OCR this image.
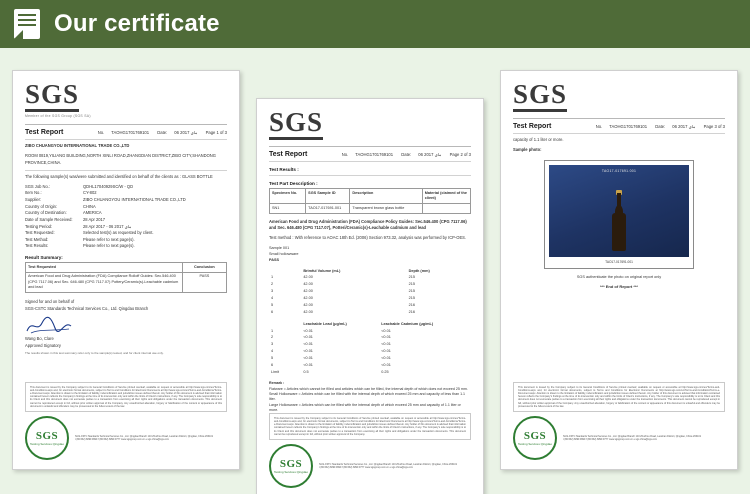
Our certificate
SGS
Member of the SGS Group (SGS SA)
Test Report	No. TAOHG1701769101 Date: 06 ماي 2017 Page 1 of 3
ZIBO CHUANGYOU INTERNATIONAL TRADE CO.,LTD
ROOM 0819,YILIANG BUILDING,NORTH XINLI ROAD,ZHANGDIAN DISTRICT,ZIBO CITY,SHANDONG PROVINCE,CHINA.
The following sample(s) was/were submitted and identified on behalf of the clients as : GLASS BOTTLE
SGS Job No.:	QDHL17040929SC/W - QD
Item No.:	CY-802
Supplier:	ZIBO CHUANGYOU INTERNATIONAL TRADE CO.,LTD
Country of Origin:	CHINA
Country of Destination:	AMERICA
Date of Sample Received:	28 Apr 2017
Testing Period:	28 Apr 2017 - 06 ماي 2017
Test Requested:	Selected test(s) as requested by client.
Test Method:	Please refer to next page(s).
Test Results:	Please refer to next page(s).
Result Summary:
Test Requested	Conclusion
American Food and Drug Administration (FDA) Compliance Rolloff Guides: Sec.546.400 (CPG 7117.06) and Sec. 646.480 (CPG 7117.07) Pottery/Ceramic(s)-Leachable cadmium and lead	PASS
Signed for and on behalf of
SGS-CSTC Standards Technical Services Co., Ltd. Qingdao Branch
Wang Bo, Clare
Approved Signatory
The results shown in this test summary refer only to the sample(s) tested, and for client internal use only.
This document is issued by the Company subject to its General Conditions of Service printed overleaf, available on request or accessible at http://www.sgs.com/en/Terms-and-Conditions.aspx and, for electronic format documents, subject to Terms and Conditions for Electronic Documents at http://www.sgs.com/en/Terms-and-Conditions/Terms-e-Document.aspx. Attention is drawn to the limitation of liability, indemnification and jurisdiction issues defined therein. Any holder of this document is advised that information contained hereon reflects the Company's findings at the time of its intervention only and within the limits of Client's instructions, if any. The Company's sole responsibility is to its Client and this document does not exonerate parties to a transaction from exercising all their rights and obligations under the transaction documents. This document cannot be reproduced except in full, without prior written approval of the Company. Any unauthorized alteration, forgery or falsification of the content or appearance of this document is unlawful and offenders may be prosecuted to the fullest extent of the law.
SGS
Testing Services Qingdao
SGS-CSTC Standards Technical Services Co., Ltd. Qingdao Branch 143 Zhuzhou Road, Laoshan District, Qingdao, China 266101
t (86-532) 6899 9999 f (86-532) 6899 9777 www.sgsgroup.com.cn e sgs.china@sgs.com
SGS
Test Report	No. TAOHG1701769101 Date: 06 ماي 2017 Page 2 of 3
Test Results :
Test Part Description :
Specimen No.	SGS Sample ID	Description	Material (claimed of the client)
SN1	TAO17-017691.001	Transparent brown glass bottle	
American Food and Drug Administration (FDA) Compliance Policy Guides: Sec.546.400 (CPG 7117.06) and Sec. 646.480 (CPG 7117.07), Potteri/Ceramic(s)-Leachable cadmium and lead
Test method : With reference to AOAC 18th Ed. (2006) Section 973.32, analysis was performed by ICP-OES.
Sample 001
Small hollowware
PASS
	Brimful Volume (mL)	Depth (mm)
1	42.00	215
2	42.00	215
3	42.00	215
4	42.00	215
5	42.00	216
6	42.00	216
	Leachable Lead (μg/mL)	Leachable Cadmium (μg/mL)
1	<0.01	<0.01
2	<0.01	<0.01
3	<0.01	<0.01
4	<0.01	<0.01
5	<0.01	<0.01
6	<0.01	<0.01
Limit	0.5	0.25
Remark :
Flatware = Articles which cannot be filled and articles which can be filled, the internal depth of which does not exceed 25 mm.
Small Hollowware = Articles which can be filled with the internal depth of which exceed 25 mm and capacity of less than 1.1 liter.
Large Hollowware = Articles which can be filled with the internal depth of which exceed 25 mm and capacity of 1.1 liter or more.
This document is issued by the Company subject to its General Conditions of Service printed overleaf, available on request or accessible at http://www.sgs.com/en/Terms-and-Conditions.aspx and, for electronic format documents, subject to Terms and Conditions for Electronic Documents at http://www.sgs.com/en/Terms-and-Conditions/Terms-e-Document.aspx. Attention is drawn to the limitation of liability, indemnification and jurisdiction issues defined therein. Any holder of this document is advised that information contained hereon reflects the Company's findings at the time of its intervention only and within the limits of Client's instructions, if any. The Company's sole responsibility is to its Client and this document does not exonerate parties to a transaction from exercising all their rights and obligations under the transaction documents. This document cannot be reproduced except in full, without prior written approval of the Company.
SGS
Testing Services Qingdao
SGS-CSTC Standards Technical Services Co., Ltd. Qingdao Branch 143 Zhuzhou Road, Laoshan District, Qingdao, China 266101
t (86-532) 6899 9999 f (86-532) 6899 9777 www.sgsgroup.com.cn e sgs.china@sgs.com
SGS
Test Report	No. TAOHG1701769101 Date: 06 ماي 2017 Page 3 of 3
capacity of 1.1 liter or more.
Sample photo:
TAO17-017691.001
TAO17-017691.001
SGS authenticate the photo on original report only
*** End of Report ***
This document is issued by the Company subject to its General Conditions of Service printed overleaf, available on request or accessible at http://www.sgs.com/en/Terms-and-Conditions.aspx and, for electronic format documents, subject to Terms and Conditions for Electronic Documents at http://www.sgs.com/en/Terms-and-Conditions/Terms-e-Document.aspx. Attention is drawn to the limitation of liability, indemnification and jurisdiction issues defined therein. Any holder of this document is advised that information contained hereon reflects the Company's findings at the time of its intervention only and within the limits of Client's instructions, if any. The Company's sole responsibility is to its Client and this document does not exonerate parties to a transaction from exercising all their rights and obligations under the transaction documents. This document cannot be reproduced except in full, without prior written approval of the Company. Any unauthorized alteration, forgery or falsification of the content or appearance of this document is unlawful and offenders may be prosecuted to the fullest extent of the law.
SGS
Testing Services Qingdao
SGS-CSTC Standards Technical Services Co., Ltd. Qingdao Branch 143 Zhuzhou Road, Laoshan District, Qingdao, China 266101
t (86-532) 6899 9999 f (86-532) 6899 9777 www.sgsgroup.com.cn e sgs.china@sgs.com
